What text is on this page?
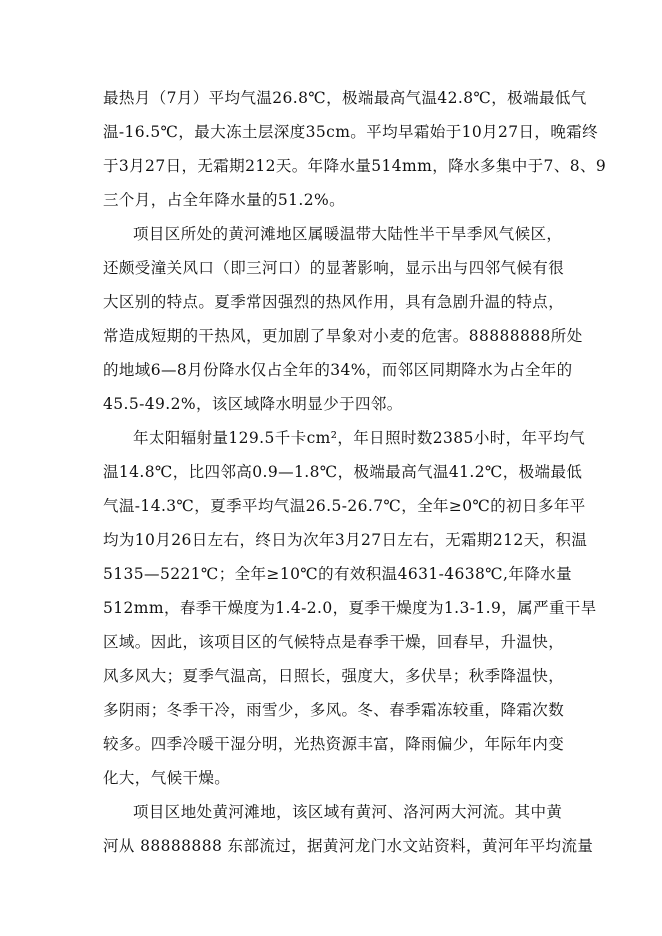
最热月（7月）平均气温26.8℃，极端最高气温42.8℃，极端最低气
温-16.5℃，最大冻土层深度35cm。平均早霜始于10月27日，晚霜终
于3月27日，无霜期212天。年降水量514mm，降水多集中于7、8、9
三个月，占全年降水量的51.2%。
项目区所处的黄河滩地区属暖温带大陆性半干旱季风气候区，
还颇受潼关风口（即三河口）的显著影响，显示出与四邻气候有很
大区别的特点。夏季常因强烈的热风作用，具有急剧升温的特点，
常造成短期的干热风，更加剧了旱象对小麦的危害。88888888所处
的地域6—8月份降水仅占全年的34%，而邻区同期降水为占全年的
45.5-49.2%，该区域降水明显少于四邻。
年太阳辐射量129.5千卡cm²，年日照时数2385小时，年平均气
温14.8℃，比四邻高0.9—1.8℃，极端最高气温41.2℃，极端最低
气温-14.3℃，夏季平均气温26.5-26.7℃，全年≥0℃的初日多年平
均为10月26日左右，终日为次年3月27日左右，无霜期212天，积温
5135—5221℃；全年≥10℃的有效积温4631-4638℃,年降水量
512mm，春季干燥度为1.4-2.0，夏季干燥度为1.3-1.9，属严重干旱
区域。因此，该项目区的气候特点是春季干燥，回春早，升温快，
风多风大；夏季气温高，日照长，强度大，多伏旱；秋季降温快，
多阴雨；冬季干冷，雨雪少，多风。冬、春季霜冻较重，降霜次数
较多。四季冷暖干湿分明，光热资源丰富，降雨偏少，年际年内变
化大，气候干燥。
项目区地处黄河滩地，该区域有黄河、洛河两大河流。其中黄
河从 88888888 东部流过，据黄河龙门水文站资料，黄河年平均流量
